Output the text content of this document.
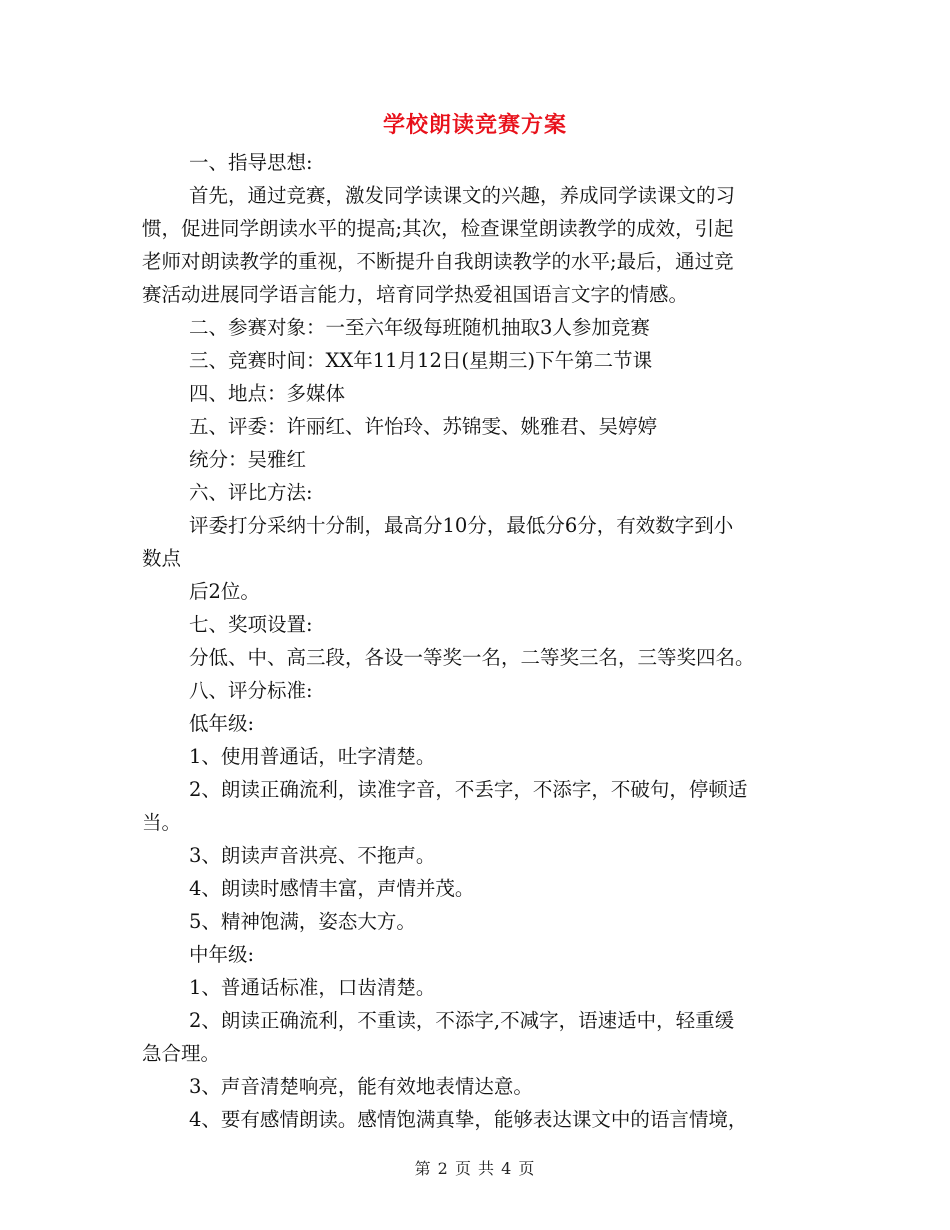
学校朗读竞赛方案
一、指导思想:
首先，通过竞赛，激发同学读课文的兴趣，养成同学读课文的习
惯，促进同学朗读水平的提高;其次，检查课堂朗读教学的成效，引起
老师对朗读教学的重视，不断提升自我朗读教学的水平;最后，通过竞
赛活动进展同学语言能力，培育同学热爱祖国语言文字的情感。
二、参赛对象：一至六年级每班随机抽取3人参加竞赛
三、竞赛时间：XX年11月12日(星期三)下午第二节课
四、地点：多媒体
五、评委：许丽红、许怡玲、苏锦雯、姚雅君、吴婷婷
统分：吴雅红
六、评比方法:
评委打分采纳十分制，最高分10分，最低分6分，有效数字到小
数点
后2位。
七、奖项设置:
分低、中、高三段，各设一等奖一名，二等奖三名，三等奖四名。
八、评分标准:
低年级:
1、使用普通话，吐字清楚。
2、朗读正确流利，读准字音，不丢字，不添字，不破句，停顿适
当。
3、朗读声音洪亮、不拖声。
4、朗读时感情丰富，声情并茂。
5、精神饱满，姿态大方。
中年级:
1、普通话标准，口齿清楚。
2、朗读正确流利，不重读，不添字,不减字，语速适中，轻重缓
急合理。
3、声音清楚响亮，能有效地表情达意。
4、要有感情朗读。感情饱满真挚，能够表达课文中的语言情境，
第 2 页 共 4 页
